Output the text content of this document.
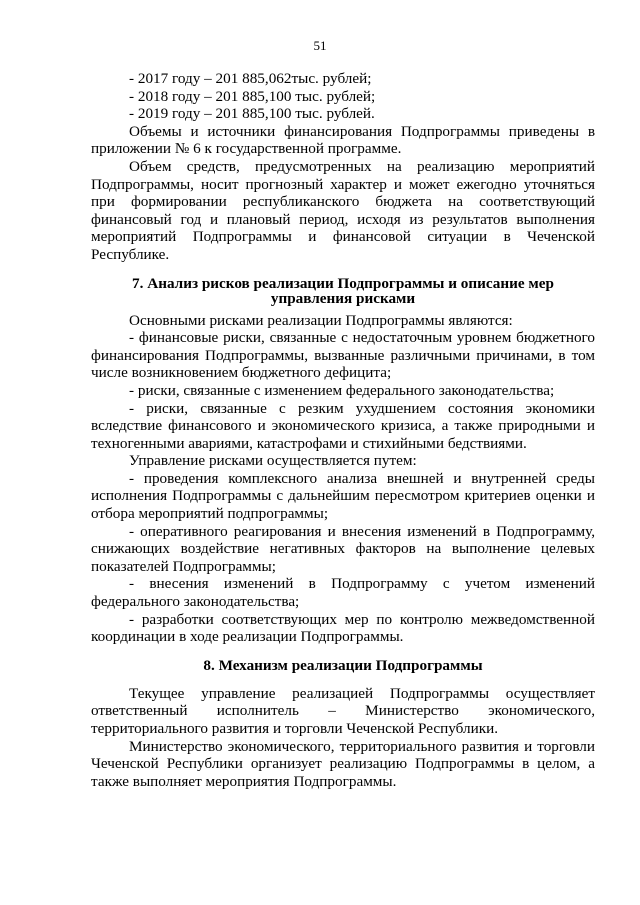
51

- 2017 году – 201 885,062тыс. рублей;

- 2018 году – 201 885,100 тыс. рублей;

- 2019 году – 201 885,100 тыс. рублей.

Объемы и источники финансирования Подпрограммы приведены в приложении № 6 к государственной программе.

Объем средств, предусмотренных на реализацию мероприятий Подпрограммы, носит прогнозный характер и может ежегодно уточняться при формировании республиканского бюджета на соответствующий финансовый год и плановый период, исходя из результатов выполнения мероприятий Подпрограммы и финансовой ситуации в Чеченской Республике.

7. Анализ рисков реализации Подпрограммы и описание мер управления рисками

Основными рисками реализации Подпрограммы являются:

- финансовые риски, связанные с недостаточным уровнем бюджетного финансирования Подпрограммы, вызванные различными причинами, в том числе возникновением бюджетного дефицита;

- риски, связанные с изменением федерального законодательства;

- риски, связанные с резким ухудшением состояния экономики вследствие финансового и экономического кризиса, а также природными и техногенными авариями, катастрофами и стихийными бедствиями.

Управление рисками осуществляется путем:

- проведения комплексного анализа внешней и внутренней среды исполнения Подпрограммы с дальнейшим пересмотром критериев оценки и отбора мероприятий подпрограммы;

- оперативного реагирования и внесения изменений в Подпрограмму, снижающих воздействие негативных факторов на выполнение целевых показателей Подпрограммы;

- внесения изменений в Подпрограмму с учетом изменений федерального законодательства;

- разработки соответствующих мер по контролю межведомственной координации в ходе реализации Подпрограммы.

8. Механизм реализации Подпрограммы

Текущее управление реализацией Подпрограммы осуществляет ответственный исполнитель – Министерство экономического, территориального развития и торговли Чеченской Республики.

Министерство экономического, территориального развития и торговли Чеченской Республики организует реализацию Подпрограммы в целом, а также выполняет мероприятия Подпрограммы.
